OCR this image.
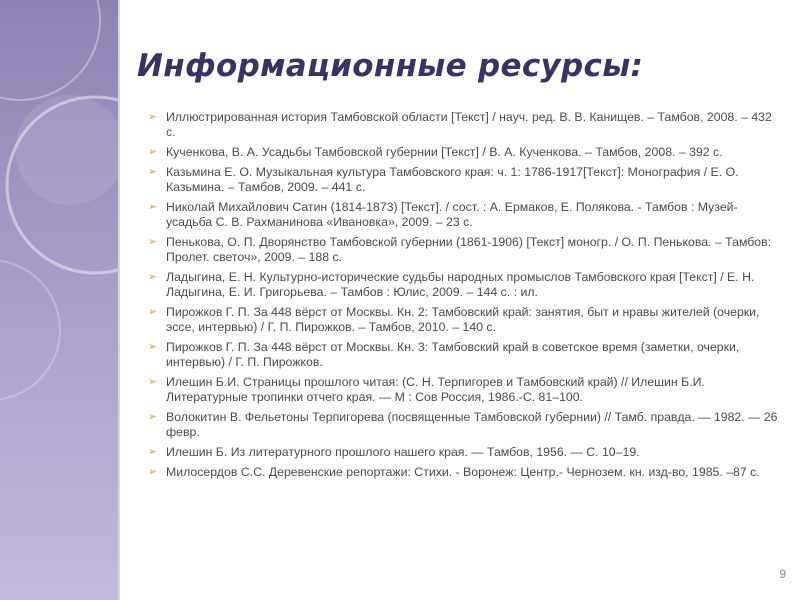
Информационные ресурсы:
➢ Иллюстрированная история Тамбовской области [Текст] / науч. ред. В. В. Канищев. – Тамбов, 2008. – 432 с.
➢ Кученкова, В. А. Усадьбы Тамбовской губернии [Текст] / В. А. Кученкова. – Тамбов, 2008. – 392 с.
➢ Казьмина Е. О. Музыкальная культура Тамбовского края: ч. 1: 1786-1917[Текст]: Монография / Е. О. Казьмина. – Тамбов, 2009. – 441 с.
➢ Николай Михайлович Сатин (1814-1873) [Текст]. / сост. : А. Ермаков, Е. Полякова. - Тамбов : Музей-усадьба С. В. Рахманинова «Ивановка», 2009. – 23 с.
➢ Пенькова, О. П. Дворянство Тамбовской губернии (1861-1906) [Текст] моногр. / О. П. Пенькова. – Тамбов: Пролет. светоч», 2009. – 188 с.
➢ Ладыгина, Е. Н. Культурно-исторические судьбы народных промыслов Тамбовского края [Текст] / Е. Н. Ладыгина, Е. И. Григорьева. – Тамбов : Юлис, 2009. – 144 с. : ил.
➢ Пирожков Г. П. За 448 вёрст от Москвы. Кн. 2: Тамбовский край: занятия, быт и нравы жителей (очерки, эссе, интервью) / Г. П. Пирожков. – Тамбов, 2010. – 140 с.
➢ Пирожков Г. П. За 448 вёрст от Москвы. Кн. 3: Тамбовский край в советское время (заметки, очерки, интервью) / Г. П. Пирожков.
➢ Илешин Б.И. Страницы прошлого читая: (С. Н. Терпигорев и Тамбовский край) // Илешин Б.И. Литературные тропинки отчего края. — М : Сов Россия, 1986.-С. 81–100.
➢ Волокитин В. Фельетоны Терпигорева (посвященные Тамбовской губернии) // Тамб. правда. — 1982. — 26 февр.
➢ Илешин Б. Из литературного прошлого нашего края. — Тамбов, 1956. — С. 10–19.
➢ Милосердов С.С. Деревенские репортажи: Стихи. - Воронеж: Центр.- Чернозем. кн. изд-во, 1985. –87 с.
9
